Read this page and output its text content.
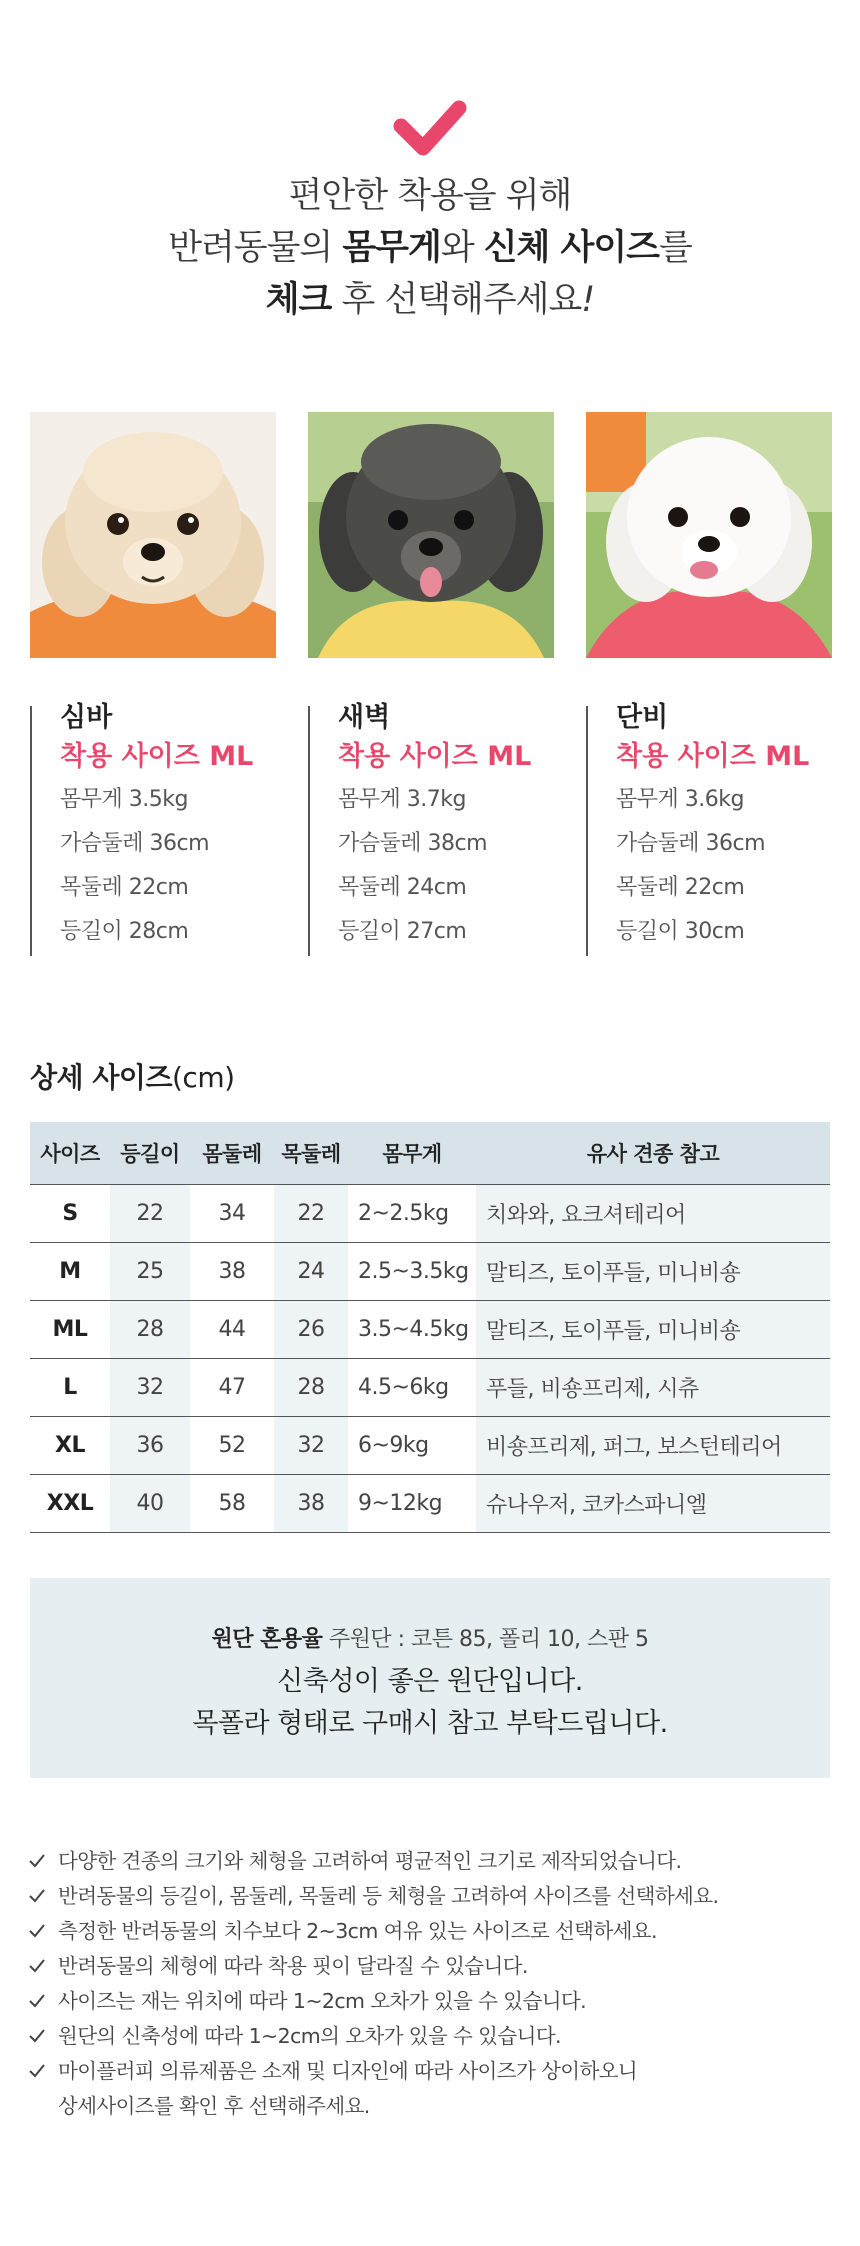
편안한 착용을 위해
반려동물의 몸무게와 신체 사이즈를
체크 후 선택해주세요!
심바
착용 사이즈 ML
몸무게 3.5kg
가슴둘레 36cm
목둘레 22cm
등길이 28cm
새벽
착용 사이즈 ML
몸무게 3.7kg
가슴둘레 38cm
목둘레 24cm
등길이 27cm
단비
착용 사이즈 ML
몸무게 3.6kg
가슴둘레 36cm
목둘레 22cm
등길이 30cm
상세 사이즈(cm)
사이즈	등길이	몸둘레	목둘레	몸무게	유사 견종 참고
S	22	34	22	2~2.5kg	치와와, 요크셔테리어
M	25	38	24	2.5~3.5kg	말티즈, 토이푸들, 미니비숑
ML	28	44	26	3.5~4.5kg	말티즈, 토이푸들, 미니비숑
L	32	47	28	4.5~6kg	푸들, 비숑프리제, 시츄
XL	36	52	32	6~9kg	비숑프리제, 퍼그, 보스턴테리어
XXL	40	58	38	9~12kg	슈나우저, 코카스파니엘
원단 혼용율 주원단 : 코튼 85, 폴리 10, 스판 5
신축성이 좋은 원단입니다.
목폴라 형태로 구매시 참고 부탁드립니다.
다양한 견종의 크기와 체형을 고려하여 평균적인 크기로 제작되었습니다.
반려동물의 등길이, 몸둘레, 목둘레 등 체형을 고려하여 사이즈를 선택하세요.
측정한 반려동물의 치수보다 2~3cm 여유 있는 사이즈로 선택하세요.
반려동물의 체형에 따라 착용 핏이 달라질 수 있습니다.
사이즈는 재는 위치에 따라 1~2cm 오차가 있을 수 있습니다.
원단의 신축성에 따라 1~2cm의 오차가 있을 수 있습니다.
마이플러피 의류제품은 소재 및 디자인에 따라 사이즈가 상이하오니
상세사이즈를 확인 후 선택해주세요.
